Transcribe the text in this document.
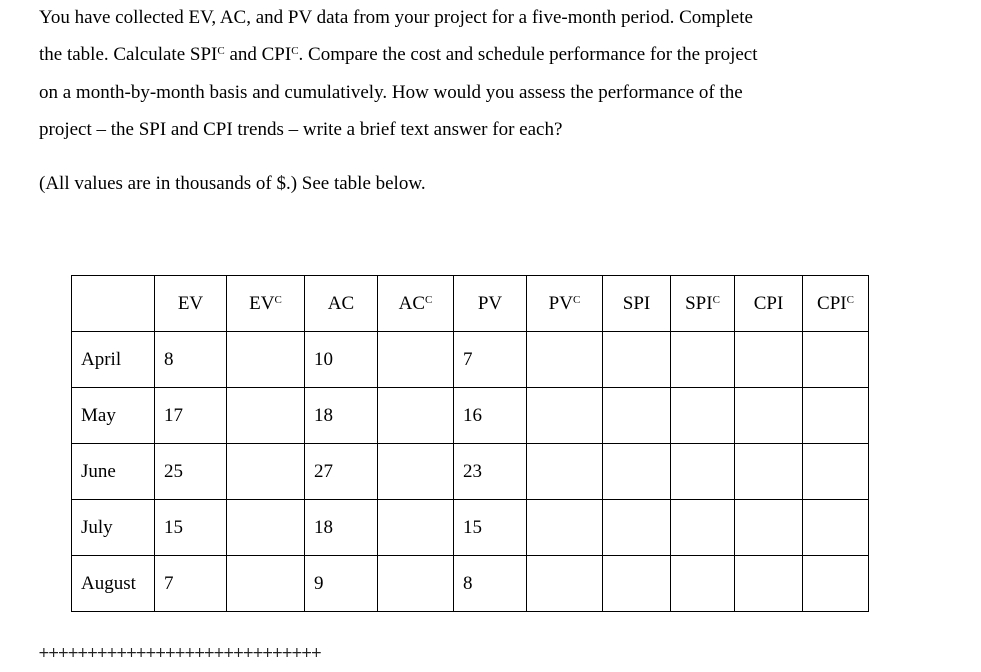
You have collected EV, AC, and PV data from your project for a five-month period. Complete

the table. Calculate $SPI^C$ and $CPI^C$. Compare the cost and schedule performance for the project

on a month-by-month basis and cumulatively. How would you assess the performance of the

project – the SPI and CPI trends – write a brief text answer for each?

(All values are in thousands of $.) See table below.
	EV	$EV^C$	AC	$AC^C$	PV	$PV^C$	SPI	$SPI^C$	CPI	$CPI^C$
April	8		10		7					
May	17		18		16					
June	25		27		23					
July	15		18		15					
August	7		9		8					
+++++++++++++++++++++++++++++
